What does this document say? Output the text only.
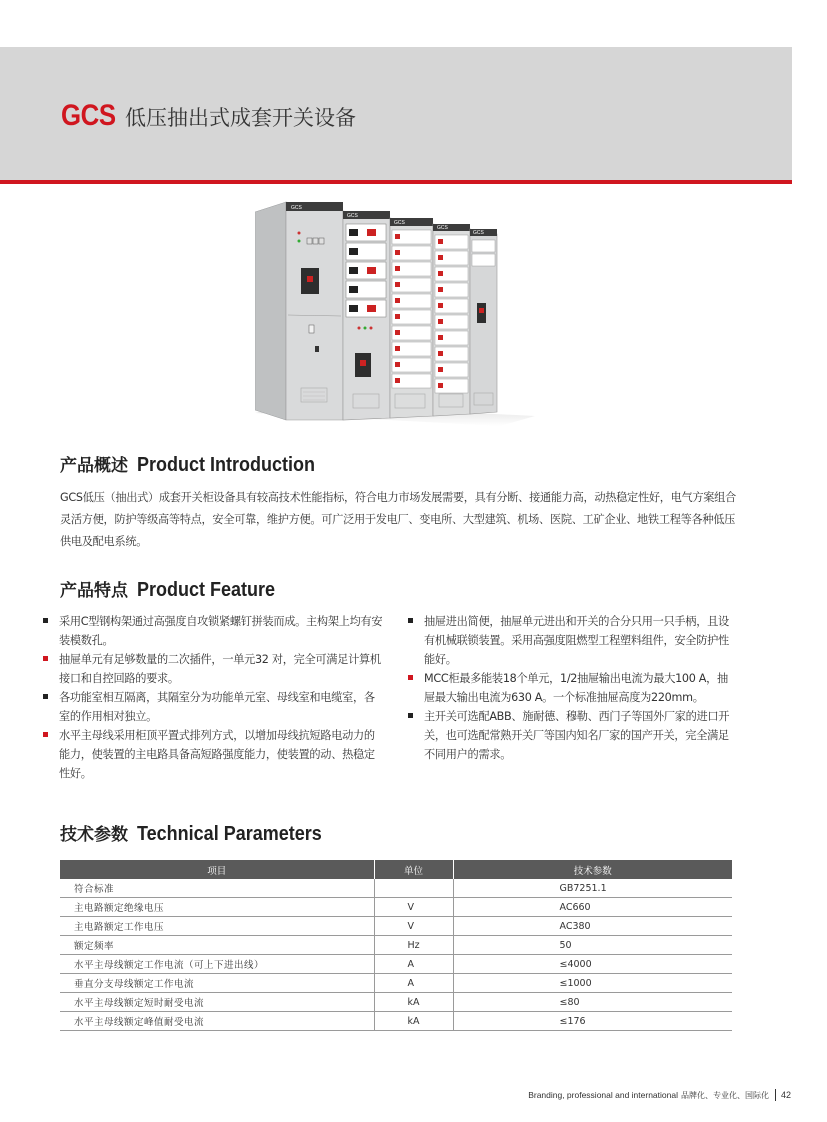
GCS 低压抽出式成套开关设备
GCS
GCS
GCS
GCS
GCS
产品概述 Product Introduction

GCS低压（抽出式）成套开关柜设备具有较高技术性能指标，符合电力市场发展需要，具有分断、接通能力高，动热稳定性好，电气方案组合灵活方便，防护等级高等特点，安全可靠，维护方便。可广泛用于发电厂、变电所、大型建筑、机场、医院、工矿企业、地铁工程等各种低压供电及配电系统。

产品特点 Product Feature
采用C型钢构架通过高强度自攻锁紧螺钉拼装而成。主构架上均有安装模数孔。
抽屉单元有足够数量的二次插件，一单元32 对，完全可满足计算机接口和自控回路的要求。
各功能室相互隔离，其隔室分为功能单元室、母线室和电缆室，各室的作用相对独立。
水平主母线采用柜顶平置式排列方式，以增加母线抗短路电动力的能力，使装置的主电路具备高短路强度能力，使装置的动、热稳定性好。
抽屉进出简便，抽屉单元进出和开关的合分只用一只手柄，且设有机械联锁装置。采用高强度阻燃型工程塑料组件，安全防护性能好。
MCC柜最多能装18个单元，1/2抽屉输出电流为最大100 A，抽屉最大输出电流为630 A。一个标准抽屉高度为220mm。
主开关可选配ABB、施耐德、穆勒、西门子等国外厂家的进口开关，也可选配常熟开关厂等国内知名厂家的国产开关，完全满足不同用户的需求。
技术参数 Technical Parameters
项目	单位	技术参数
符合标准		GB7251.1
主电路额定绝缘电压	V	AC660
主电路额定工作电压	V	AC380
额定频率	Hz	50
水平主母线额定工作电流（可上下进出线）	A	≤4000
垂直分支母线额定工作电流	A	≤1000
水平主母线额定短时耐受电流	kA	≤80
水平主母线额定峰值耐受电流	kA	≤176
Branding, professional and international 品牌化、专业化、国际化 42
